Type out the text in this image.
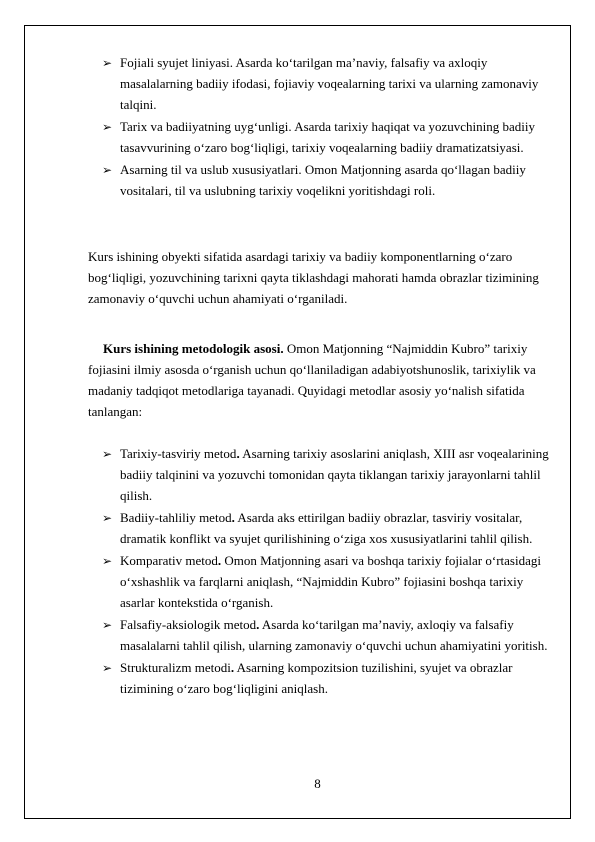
➢ Fojiali syujet liniyasi. Asarda ko‘tarilgan ma’naviy, falsafiy va axloqiy masalalarning badiiy ifodasi, fojiaviy voqealarning tarixi va ularning zamonaviy talqini.
➢ Tarix va badiiyatning uyg‘unligi. Asarda tarixiy haqiqat va yozuvchining badiiy tasavvurining o‘zaro bog‘liqligi, tarixiy voqealarning badiiy dramatizatsiyasi.
➢ Asarning til va uslub xususiyatlari. Omon Matjonning asarda qo‘llagan badiiy vositalari, til va uslubning tarixiy voqelikni yoritishdagi roli.
Kurs ishining obyekti sifatida asardagi tarixiy va badiiy komponentlarning o‘zaro bog‘liqligi, yozuvchining tarixni qayta tiklashdagi mahorati hamda obrazlar tizimining zamonaviy o‘quvchi uchun ahamiyati o‘rganiladi.
Kurs ishining metodologik asosi. Omon Matjonning “Najmiddin Kubro” tarixiy fojiasini ilmiy asosda o‘rganish uchun qo‘llaniladigan adabiyotshunoslik, tarixiylik va madaniy tadqiqot metodlariga tayanadi. Quyidagi metodlar asosiy yo‘nalish sifatida tanlangan:
➢ Tarixiy-tasviriy metod. Asarning tarixiy asoslarini aniqlash, XIII asr voqealarining badiiy talqinini va yozuvchi tomonidan qayta tiklangan tarixiy jarayonlarni tahlil qilish.
➢ Badiiy-tahliliy metod. Asarda aks ettirilgan badiiy obrazlar, tasviriy vositalar, dramatik konflikt va syujet qurilishining o‘ziga xos xususiyatlarini tahlil qilish.
➢ Komparativ metod. Omon Matjonning asari va boshqa tarixiy fojialar o‘rtasidagi o‘xshashlik va farqlarni aniqlash, “Najmiddin Kubro” fojiasini boshqa tarixiy asarlar kontekstida o‘rganish.
➢ Falsafiy-aksiologik metod. Asarda ko‘tarilgan ma’naviy, axloqiy va falsafiy masalalarni tahlil qilish, ularning zamonaviy o‘quvchi uchun ahamiyatini yoritish.
➢ Strukturalizm metodi. Asarning kompozitsion tuzilishini, syujet va obrazlar tizimining o‘zaro bog‘liqligini aniqlash.
8
